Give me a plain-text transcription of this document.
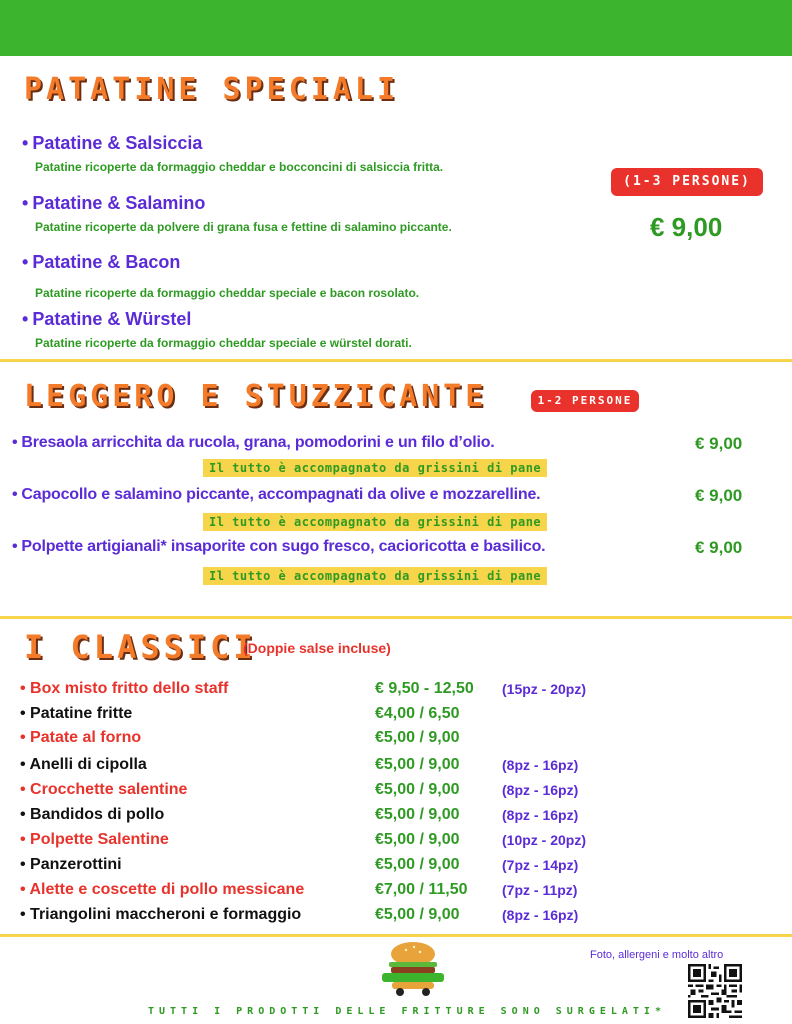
PATATINE SPECIALI
• Patatine & Salsiccia
Patatine ricoperte da formaggio cheddar e bocconcini di salsiccia fritta.
• Patatine & Salamino
Patatine ricoperte da polvere di grana fusa e fettine di salamino piccante.
• Patatine & Bacon
Patatine ricoperte da formaggio cheddar speciale e bacon rosolato.
• Patatine & Würstel
Patatine ricoperte da formaggio cheddar speciale e würstel dorati.
(1-3 PERSONE)
€ 9,00
LEGGERO E STUZZICANTE	1-2 PERSONE
• Bresaola arricchita da rucola, grana, pomodorini e un filo d’olio.	€ 9,00
Il tutto è accompagnato da grissini di pane
• Capocollo e salamino piccante, accompagnati da olive e mozzarelline.	€ 9,00
Il tutto è accompagnato da grissini di pane
• Polpette artigianali* insaporite con sugo fresco, cacioricotta e basilico.	€ 9,00
Il tutto è accompagnato da grissini di pane
I CLASSICI
(Doppie salse incluse)
• Box misto fritto dello staff	€ 9,50 - 12,50 (15pz - 20pz)
• Patatine fritte	€4,00 / 6,50
• Patate al forno	€5,00 / 9,00
• Anelli di cipolla	€5,00 / 9,00	(8pz - 16pz)
• Crocchette salentine	€5,00 / 9,00	(8pz - 16pz)
• Bandidos di pollo	€5,00 / 9,00	(8pz - 16pz)
• Polpette Salentine	€5,00 / 9,00	(10pz - 20pz)
• Panzerottini	€5,00 / 9,00	(7pz - 14pz)
• Alette e coscette di pollo messicane	€7,00 / 11,50 (7pz - 11pz)
• Triangolini maccheroni e formaggio	€5,00 / 9,00	(8pz - 16pz)
Foto, allergeni e molto altro
TUTTI I PRODOTTI DELLE FRITTURE SONO SURGELATI*
